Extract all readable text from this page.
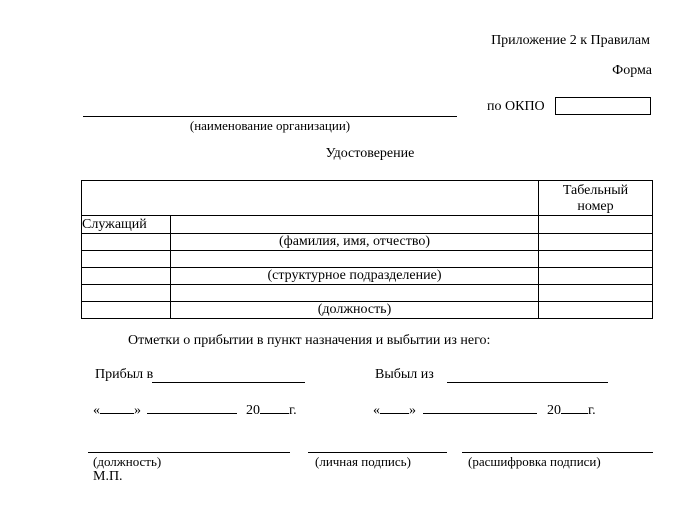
Приложение 2 к Правилам
Форма
по ОКПО
(наименование организации)
Удостоверение
		Табельный номер
Служащий		
	(фамилия, имя, отчество)	

	(структурное подразделение)	

	(должность)	
Отметки о прибытии в пункт назначения и выбытии из него:
Прибыл в	Выбыл из
« »	20 г.	« »	20 г.
(должность)	(личная подпись)	(расшифровка подписи)
М.П.
